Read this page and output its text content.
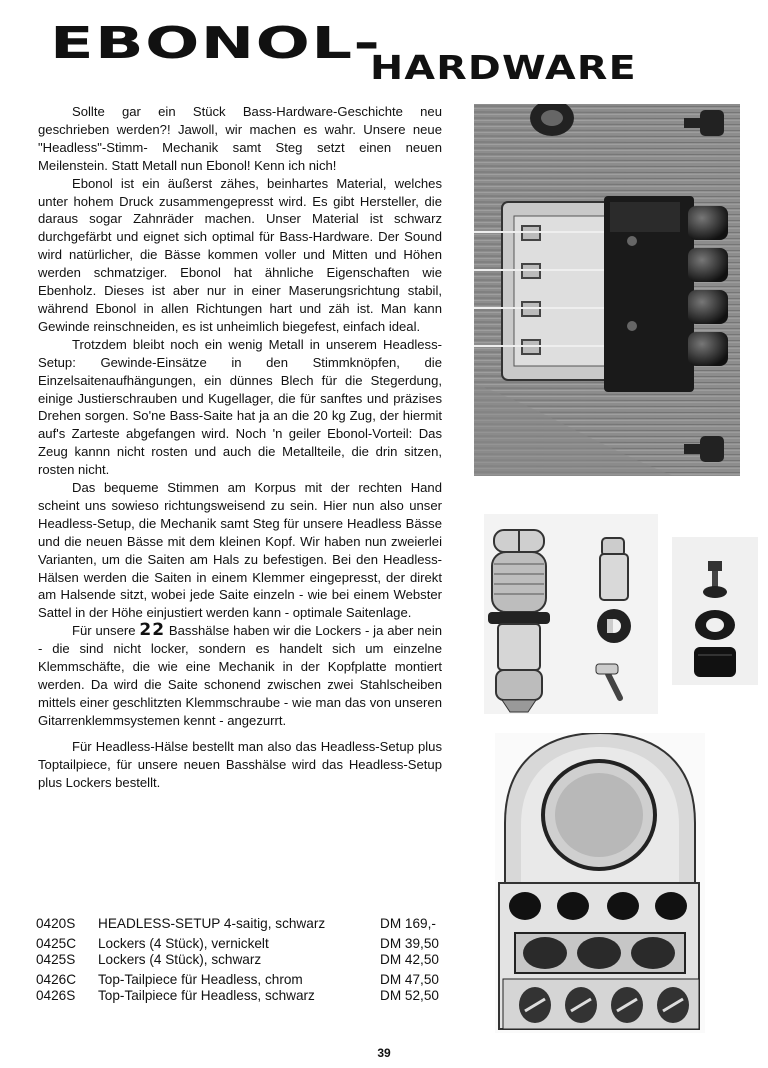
EBONOL-
HARDWARE

Sollte gar ein Stück Bass-Hardware-Geschichte neu geschrieben werden?! Jawoll, wir machen es wahr. Unsere neue "Headless"-Stimm- Mechanik samt Steg setzt einen neuen Meilenstein. Statt Metall nun Ebonol! Kenn ich nich!

Ebonol ist ein äußerst zähes, beinhartes Material, welches unter hohem Druck zusammengepresst wird. Es gibt Hersteller, die daraus sogar Zahnräder machen. Unser Material ist schwarz durchgefärbt und eignet sich optimal für Bass-Hardware. Der Sound wird natürlicher, die Bässe kommen voller und Mitten und Höhen werden schmatziger. Ebonol hat ähnliche Eigenschaften wie Ebenholz. Dieses ist aber nur in einer Maserungsrichtung stabil, während Ebonol in allen Richtungen hart und zäh ist. Man kann Gewinde reinschneiden, es ist unheimlich biegefest, einfach ideal.

Trotzdem bleibt noch ein wenig Metall in unserem Headless-Setup: Gewinde-Einsätze in den Stimmknöpfen, die Einzelsaitenaufhängungen, ein dünnes Blech für die Stegerdung, einige Justierschrauben und Kugellager, die für sanftes und präzises Drehen sorgen. So'ne Bass-Saite hat ja an die 20 kg Zug, der hiermit auf's Zarteste abgefangen wird. Noch 'n geiler Ebonol-Vorteil: Das Zeug kannn nicht rosten und auch die Metallteile, die drin sitzen, rosten nicht.

Das bequeme Stimmen am Korpus mit der rechten Hand scheint uns sowieso richtungsweisend zu sein. Hier nun also unser Headless-Setup, die Mechanik samt Steg für unsere Headless Bässe und die neuen Bässe mit dem kleinen Kopf. Wir haben nun zweierlei Varianten, um die Saiten am Hals zu befestigen. Bei den Headless-Hälsen werden die Saiten in einem Klemmer eingepresst, der direkt am Halsende sitzt, wobei jede Saite einzeln - wie bei einem Webster Sattel in der Höhe einjustiert werden kann - optimale Saitenlage.

Für unsere 22 Basshälse haben wir die Lockers - ja aber nein - die sind nicht locker, sondern es handelt sich um einzelne Klemmschäfte, die wie eine Mechanik in der Kopfplatte montiert werden. Da wird die Saite schonend zwischen zwei Stahlscheiben mittels einer geschlitzten Klemmschraube - wie man das von unseren Gitarrenklemmsystemen kennt - angezurrt.

Für Headless-Hälse bestellt man also das Headless-Setup plus Toptailpiece, für unsere neuen Basshälse wird das Headless-Setup plus Lockers bestellt.

0420S	HEADLESS-SETUP 4-saitig, schwarz	DM 169,-
0425C	Lockers (4 Stück), vernickelt	DM 39,50
0425S	Lockers (4 Stück), schwarz	DM 42,50
0426C	Top-Tailpiece für Headless, chrom	DM 47,50
0426S	Top-Tailpiece für Headless, schwarz	DM 52,50
39
